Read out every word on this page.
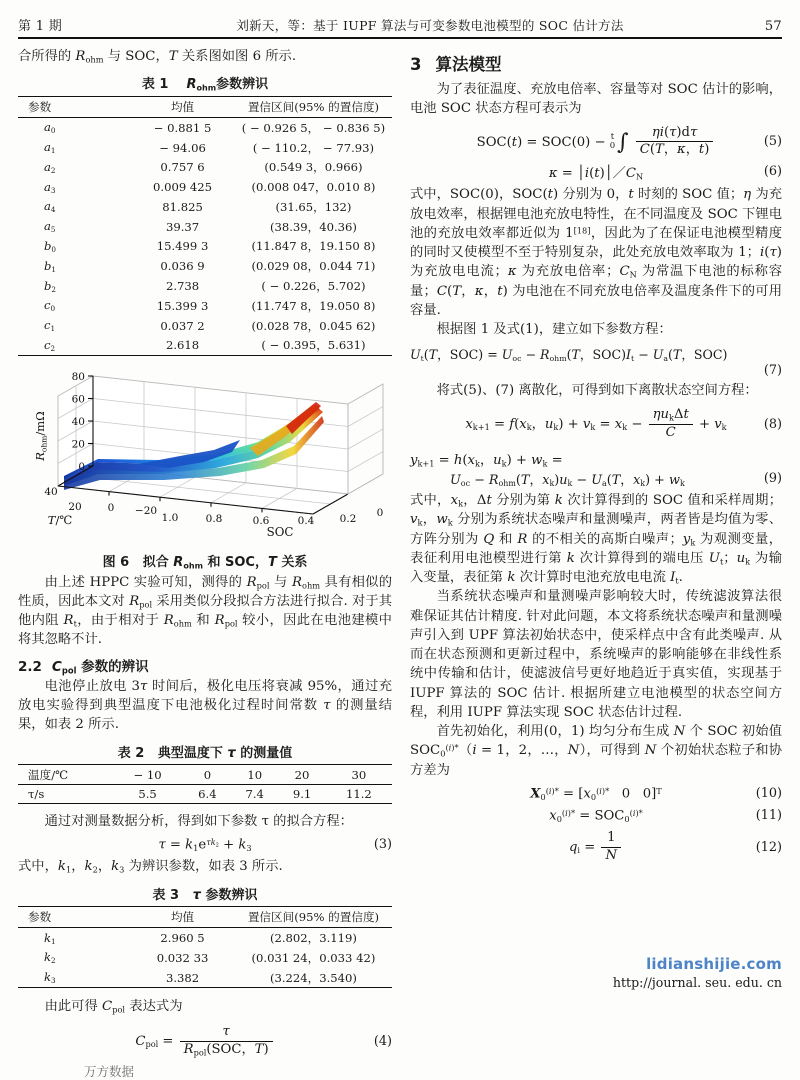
第 1 期	刘新天，等：基于 IUPF 算法与可变参数电池模型的 SOC 估计方法	57

合所得的 $R_{ohm}$ 与 SOC，T 关系图如图 6 所示.

表 1 $R_{ohm}$参数辨识
参数	均值	置信区间(95% 的置信度)
$a_0$	− 0.881 5	( − 0.926 5， − 0.836 5)
$a_1$	− 94.06	( − 110.2， − 77.93)
$a_2$	0.757 6	(0.549 3，0.966)
$a_3$	0.009 425	(0.008 047，0.010 8)
$a_4$	81.825	(31.65，132)
$a_5$	39.37	(38.39，40.36)
$b_0$	15.499 3	(11.847 8，19.150 8)
$b_1$	0.036 9	(0.029 08，0.044 71)
$b_2$	2.738	( − 0.226，5.702)
$c_0$	15.399 3	(11.747 8，19.050 8)
$c_1$	0.037 2	(0.028 78，0.045 62)
$c_2$	2.618	( − 0.395，5.631)
80
60
40
20
0
$R_{ohm}/m\Omega$
40
20 0 −20
T/℃	1.0	0.8	0.6	0.4 0.2 0
SOC
图 6   拟合 $R_{ohm}$ 和 SOC，T 关系

由上述 HPPC 实验可知，测得的 $R_{pol}$ 与 $R_{ohm}$ 具有相似的性质，因此本文对 $R_{pol}$ 采用类似分段拟合方法进行拟合. 对于其他内阻 $R_t$，由于相对于 $R_{ohm}$ 和 $R_{pol}$ 较小，因此在电池建模中将其忽略不计.

2.2 $C_{pol}$ 参数的辨识

电池停止放电 3τ 时间后，极化电压将衰减 95%，通过充放电实验得到典型温度下电池极化过程时间常数 τ 的测量结果，如表 2 所示.

表 2   典型温度下 τ 的测量值
温度/℃	− 10	0	10	20	30
τ/s	5.5	6.4	7.4	9.1	11.2

通过对测量数据分析，得到如下参数 τ 的拟合方程：

$\tau = k_1e^{\tau k_2} + k_3$	(3)

式中，$k_1$，$k_2$，$k_3$ 为辨识参数，如表 3 所示.

表 3 τ 参数辨识
参数	均值	置信区间(95% 的置信度)
$k_1$	2.960 5	(2.802，3.119)
$k_2$	0.032 33	(0.031 24，0.033 42)
$k_3$	3.382	(3.224，3.540)

由此可得 $C_{pol}$ 表达式为

$C_{pol} = \frac{\tau}{R_{pol}(SOC,T)}$	(4)
万方数据
3 算法模型

为了表征温度、充放电倍率、容量等对 SOC 估计的影响，电池 SOC 状态方程可表示为

SOC(t) = SOC(0) − t
0 ∫ $\frac{\eta i(\tau)d\tau}{C(T,\kappa,t)}$	(5)
$\kappa = │i(t)│/C_N$	(6)

式中，SOC(0)，SOC(t) 分别为 0，t 时刻的 SOC 值；η 为充放电效率，根据锂电池充放电特性，在不同温度及 SOC 下锂电池的充放电效率都近似为 1[18]，因此为了在保证电池模型精度的同时又使模型不至于特别复杂，此处充放电效率取为 1；i(τ) 为充放电电流；κ 为充放电倍率；$C_N$ 为常温下电池的标称容量；C(T，κ，t) 为电池在不同充放电倍率及温度条件下的可用容量.

根据图 1 及式(1)，建立如下参数方程：

$U_t(T$，$SOC) = U_{oc} - R_{ohm}(T$，$SOC)I_t - U_a(T$，SOC)
(7)

将式(5)、(7) 离散化，可得到如下离散状态空间方程：

$x_{k+1} = f(x_k$，$u_k) + v_k = x_k - \frac{\eta u_k\Delta t}{C} + v_k$	(8)
$y_{k+1} = h(x_k$，$u_k) + w_k$ =
$U_{oc} - R_{ohm}(T$，$x_k)u_k - U_a(T$，$x_k) + w_k$	(9)

式中，$x_k$，Δt 分别为第 k 次计算得到的 SOC 值和采样周期；$v_k$，$w_k$ 分别为系统状态噪声和量测噪声，两者皆是均值为零、方阵分别为 Q 和 R 的不相关的高斯白噪声；$y_k$ 为观测变量，表征利用电池模型进行第 k 次计算得到的端电压 $U_t$；$u_k$ 为输入变量，表征第 k 次计算时电池充放电电流 $I_t$.

当系统状态噪声和量测噪声影响较大时，传统滤波算法很难保证其估计精度. 针对此问题，本文将系统状态噪声和量测噪声引入到 UPF 算法初始状态中，使采样点中含有此类噪声. 从而在状态预测和更新过程中，系统噪声的影响能够在非线性系统中传输和估计，使滤波信号更好地趋近于真实值，实现基于 IUPF 算法的 SOC 估计. 根据所建立电池模型的状态空间方程，利用 IUPF 算法实现 SOC 状态估计过程.

首先初始化，利用(0，1) 均匀分布生成 N 个 SOC 初始值 $SOC_0^{(i)*}(i = 1$，2，…，N），可得到 N 个初始状态粒子和协方差为

$X_0^{(i)*} = [x_0^{(i)*}$   0   0]$^T$	(10)
$x_0^{(i)*} = SOC_0^{(i)*}$	(11)
$q_i = \frac{1}{N}$	(12)
lidianshijie.com
http://journal. seu. edu. cn
